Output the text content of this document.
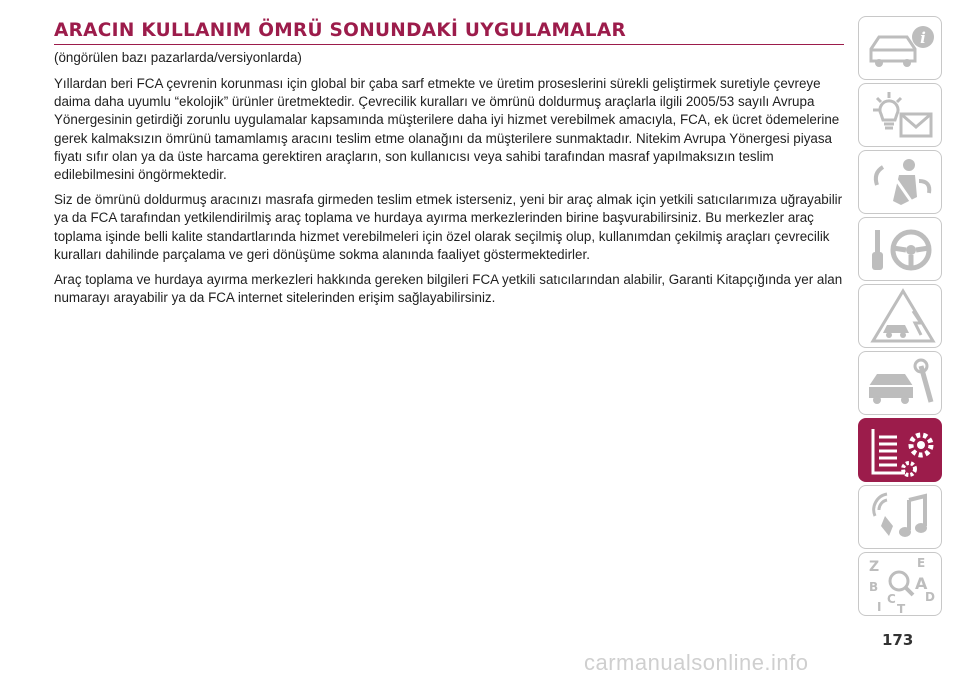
ARACIN KULLANIM ÖMRÜ SONUNDAKİ UYGULAMALAR
(öngörülen bazı pazarlarda/versiyonlarda)

Yıllardan beri FCA çevrenin korunması için global bir çaba sarf etmekte ve üretim proseslerini sürekli geliştirmek suretiyle çevreye daima daha uyumlu “ekolojik” ürünler üretmektedir. Çevrecilik kuralları ve ömrünü doldurmuş araçlarla ilgili 2005/53 sayılı Avrupa Yönergesinin getirdiği zorunlu uygulamalar kapsamında müşterilere daha iyi hizmet verebilmek amacıyla, FCA, ek ücret ödemelerine gerek kalmaksızın ömrünü tamamlamış aracını teslim etme olanağını da müşterilere sunmaktadır. Nitekim Avrupa Yönergesi piyasa fiyatı sıfır olan ya da üste harcama gerektiren araçların, son kullanıcısı veya sahibi tarafından masraf yapılmaksızın teslim edilebilmesini öngörmektedir.

Siz de ömrünü doldurmuş aracınızı masrafa girmeden teslim etmek isterseniz, yeni bir araç almak için yetkili satıcılarımıza uğrayabilir ya da FCA tarafından yetkilendirilmiş araç toplama ve hurdaya ayırma merkezlerinden birine başvurabilirsiniz. Bu merkezler araç toplama işinde belli kalite standartlarında hizmet verebilmeleri için özel olarak seçilmiş olup, kullanımdan çekilmiş araçları çevrecilik kuralları dahilinde parçalama ve geri dönüşüme sokma alanında faaliyet göstermektedirler.

Araç toplama ve hurdaya ayırma merkezleri hakkında gereken bilgileri FCA yetkili satıcılarından alabilir, Garanti Kitapçığında yer alan numarayı arayabilir ya da FCA internet sitelerinden erişim sağlayabilirsiniz.

i
Z	E
B A
C D
I T
173
carmanualsonline.info
